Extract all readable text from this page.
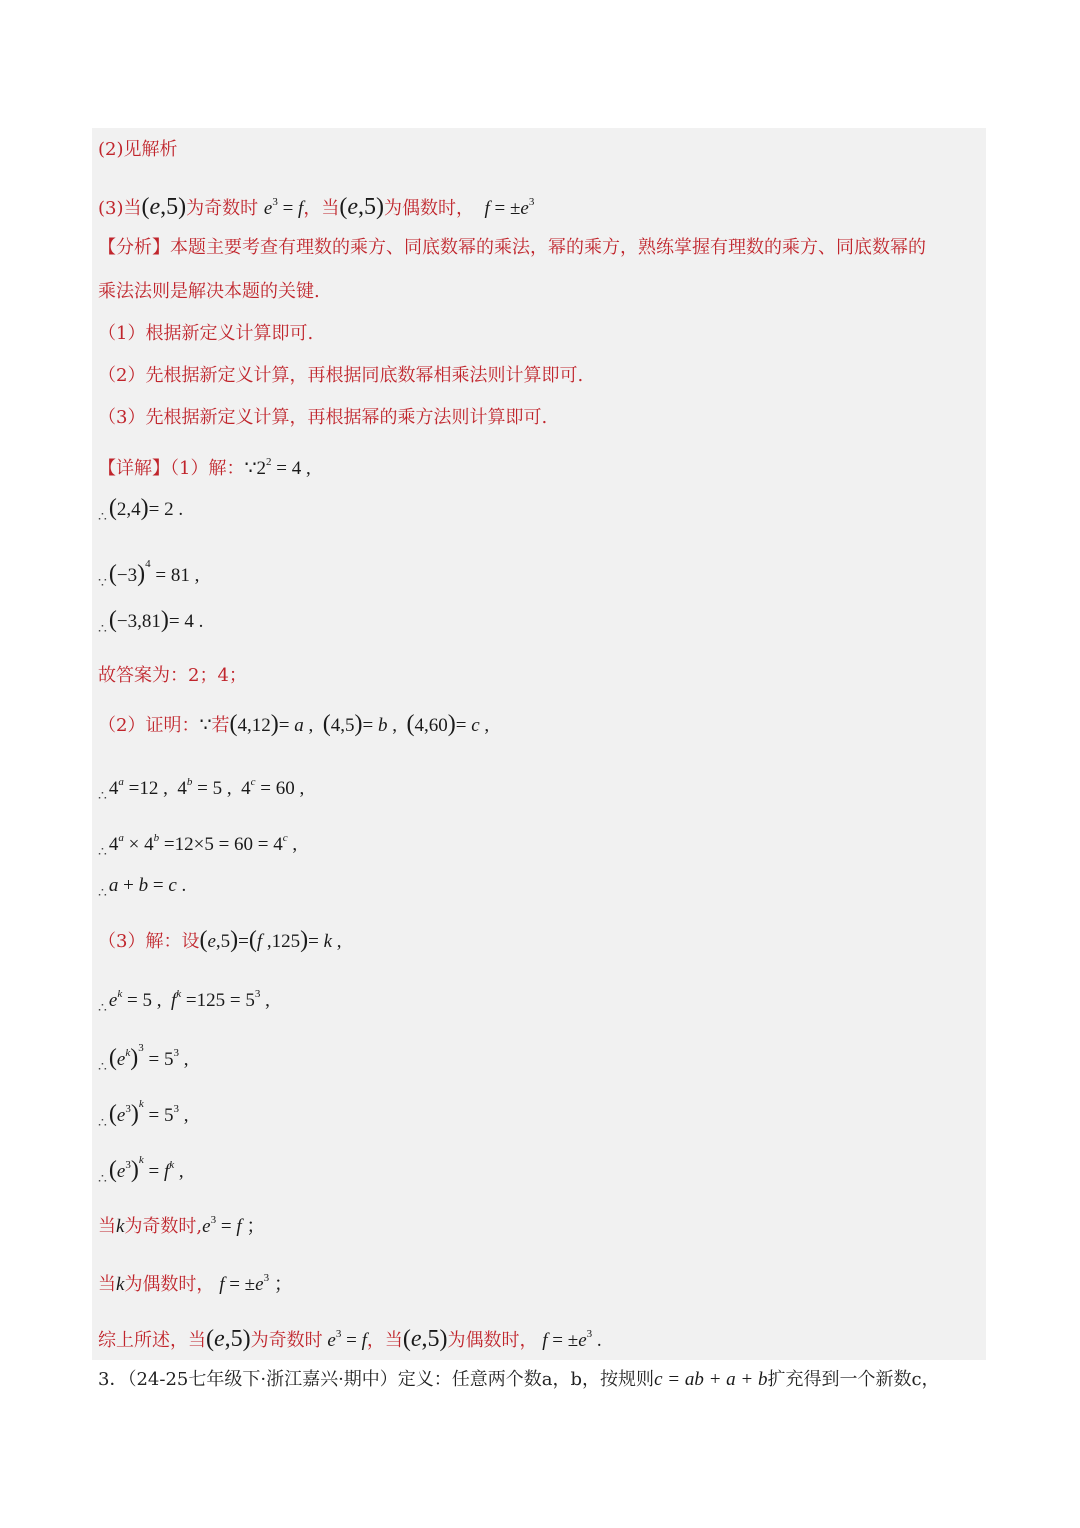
(2)见解析
(3)当(e,5)为奇数时 $e^3 = f$，当(e,5)为偶数时， $f = \pm e^3$
【分析】本题主要考查有理数的乘方、同底数幂的乘法，幂的乘方，熟练掌握有理数的乘方、同底数幂的
乘法法则是解决本题的关键.
（1）根据新定义计算即可.
（2）先根据新定义计算，再根据同底数幂相乘法则计算即可.
（3）先根据新定义计算，再根据幂的乘方法则计算即可.
【详解】（1）解：$\because 2^2 = 4$ ,
$_\therefore$(2,4)= 2 .
$_\because(-3)^4 = 81$ ,
$_\therefore$(−3,81)= 4 .
故答案为：2；4；
（2）证明：∵若(4,12)= a ,  (4,5)= b ,  (4,60)= c ,
$_\therefore$ $4^a =12$ ,  $4^b = 5$ ,  $4^c = 60$ ,
$_\therefore$ $4^a \times 4^b =12\times 5 = 60 = 4^c$ ,
$_\therefore$ a + b = c .
（3）解：设(e,5)=(f ,125)= k ,
$_\therefore$ $e^k = 5$ ,  $f^k =125 = 5^3$ ,
$_\therefore(e^k)^3 = 5^3$ ,
$_\therefore(e^3)^k = 5^3$ ,
$_\therefore(e^3)^k = f^k$ ,
当k为奇数时$,e^3 = f$ ；
当k为偶数时， $f = \pm e^3$ ；
综上所述，当(e,5)为奇数时 $e^3 = f$，当(e,5)为偶数时， $f = \pm e^3$ .
3．（24-25七年级下·浙江嘉兴·期中）定义：任意两个数a，b，按规则c = ab + a + b扩充得到一个新数c，
